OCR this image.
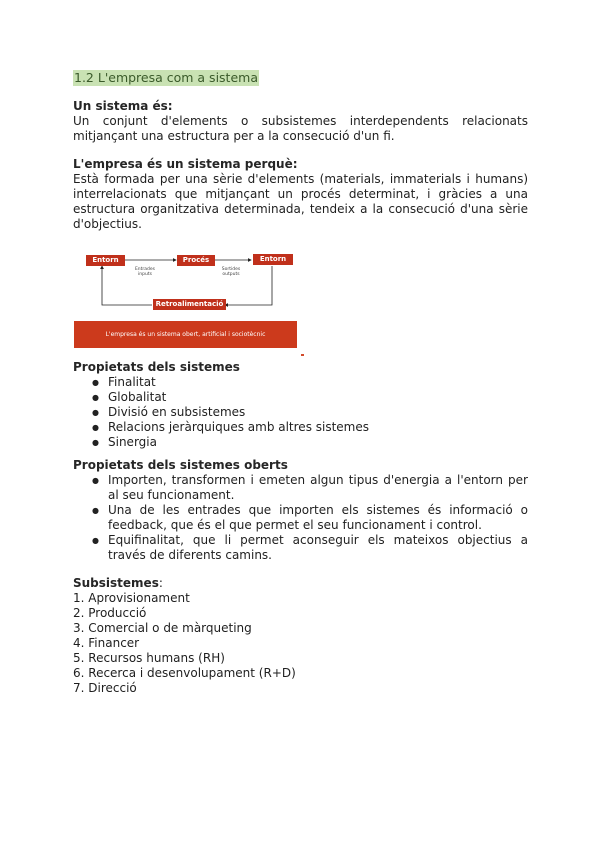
1.2 L'empresa com a sistema
Un sistema és:
Un conjunt d'elements o subsistemes interdependents relacionats mitjançant una estructura per a la consecució d'un fi.
L'empresa és un sistema perquè:
Està formada per una sèrie d'elements (materials, immaterials i humans) interrelacionats que mitjançant un procés determinat, i gràcies a una estructura organitzativa determinada, tendeix a la consecució d'una sèrie d'objectius.
Entorn	Procés	Entorn
Retroalimentació
Entrades inputs
Sortides outputs
L'empresa és un sistema obert, artificial i sociotècnic
Propietats dels sistemes
● Finalitat
● Globalitat
● Divisió en subsistemes
● Relacions jeràrquiques amb altres sistemes
● Sinergia
Propietats dels sistemes oberts
● Importen, transformen i emeten algun tipus d'energia a l'entorn per al seu funcionament.
● Una de les entrades que importen els sistemes és informació o feedback, que és el que permet el seu funcionament i control.
● Equifinalitat, que li permet aconseguir els mateixos objectius a través de diferents camins.
Subsistemes:
1. Aprovisionament
2. Producció
3. Comercial o de màrqueting
4. Financer
5. Recursos humans (RH)
6. Recerca i desenvolupament (R+D)
7. Direcció
